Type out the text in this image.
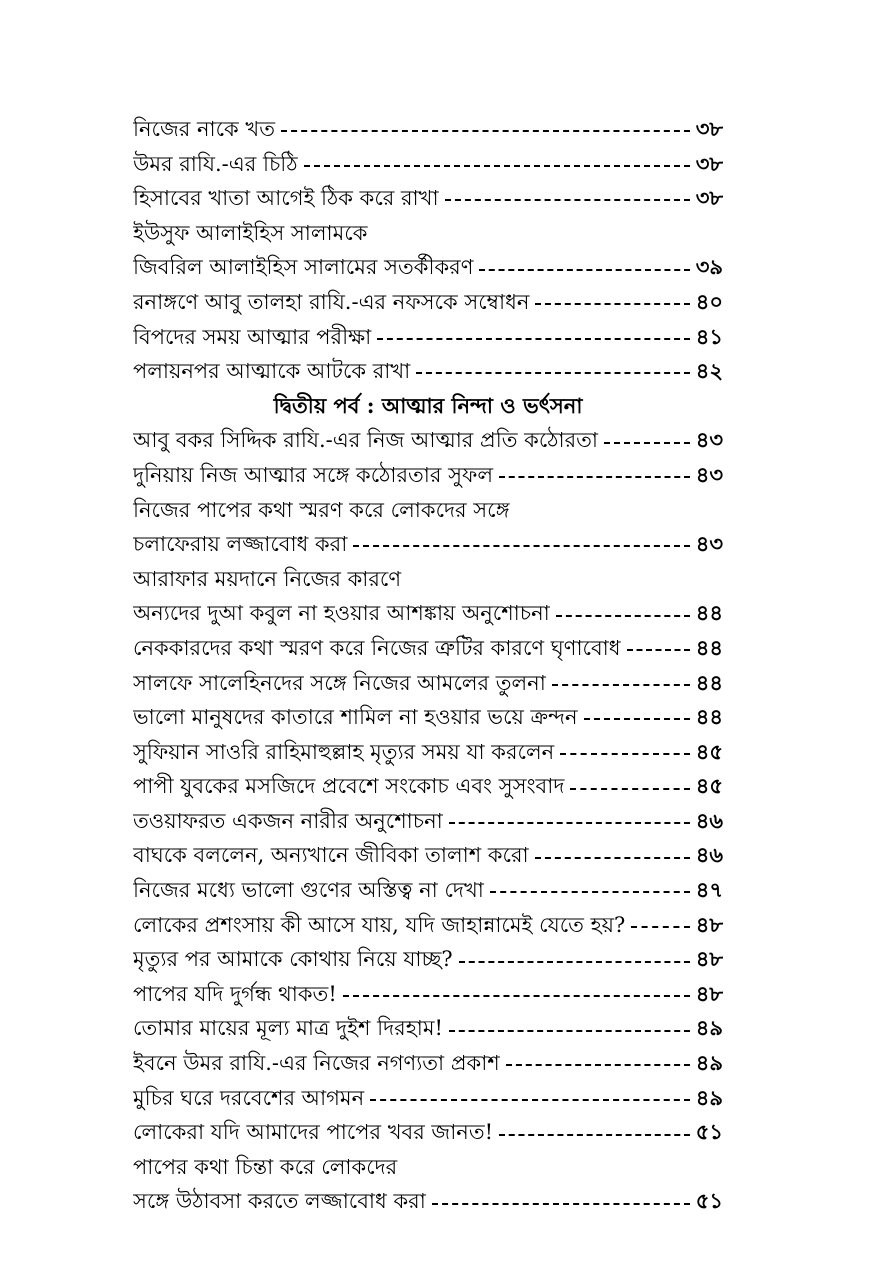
নিজের নাকে খত	৩৮
উমর রাযি.-এর চিঠি	৩৮
হিসাবের খাতা আগেই ঠিক করে রাখা	৩৮
ইউসুফ আলাইহিস সালামকে
জিবরিল আলাইহিস সালামের সতর্কীকরণ	৩৯
রনাঙ্গণে আবু তালহা রাযি.-এর নফসকে সম্বোধন	৪০
বিপদের সময় আত্মার পরীক্ষা	৪১
পলায়নপর আত্মাকে আটকে রাখা	৪২
দ্বিতীয় পর্ব : আত্মার নিন্দা ও ভর্ৎসনা
আবু বকর সিদ্দিক রাযি.-এর নিজ আত্মার প্রতি কঠোরতা	৪৩
দুনিয়ায় নিজ আত্মার সঙ্গে কঠোরতার সুফল	৪৩
নিজের পাপের কথা স্মরণ করে লোকদের সঙ্গে
চলাফেরায় লজ্জাবোধ করা	৪৩
আরাফার ময়দানে নিজের কারণে
অন্যদের দুআ কবুল না হওয়ার আশঙ্কায় অনুশোচনা	৪৪
নেককারদের কথা স্মরণ করে নিজের ত্রুটির কারণে ঘৃণাবোধ	৪৪
সালফে সালেহিনদের সঙ্গে নিজের আমলের তুলনা	৪৪
ভালো মানুষদের কাতারে শামিল না হওয়ার ভয়ে ক্রন্দন	৪৪
সুফিয়ান সাওরি রাহিমাহুল্লাহ মৃত্যুর সময় যা করলেন	৪৫
পাপী যুবকের মসজিদে প্রবেশে সংকোচ এবং সুসংবাদ	৪৫
তওয়াফরত একজন নারীর অনুশোচনা	৪৬
বাঘকে বললেন, অন্যখানে জীবিকা তালাশ করো	৪৬
নিজের মধ্যে ভালো গুণের অস্তিত্ব না দেখা	৪৭
লোকের প্রশংসায় কী আসে যায়, যদি জাহান্নামেই যেতে হয়?	৪৮
মৃত্যুর পর আমাকে কোথায় নিয়ে যাচ্ছ?	৪৮
পাপের যদি দুর্গন্ধ থাকত!	৪৮
তোমার মায়ের মূল্য মাত্র দুইশ দিরহাম!	৪৯
ইবনে উমর রাযি.-এর নিজের নগণ্যতা প্রকাশ	৪৯
মুচির ঘরে দরবেশের আগমন	৪৯
লোকেরা যদি আমাদের পাপের খবর জানত!	৫১
পাপের কথা চিন্তা করে লোকদের
সঙ্গে উঠাবসা করতে লজ্জাবোধ করা	৫১
